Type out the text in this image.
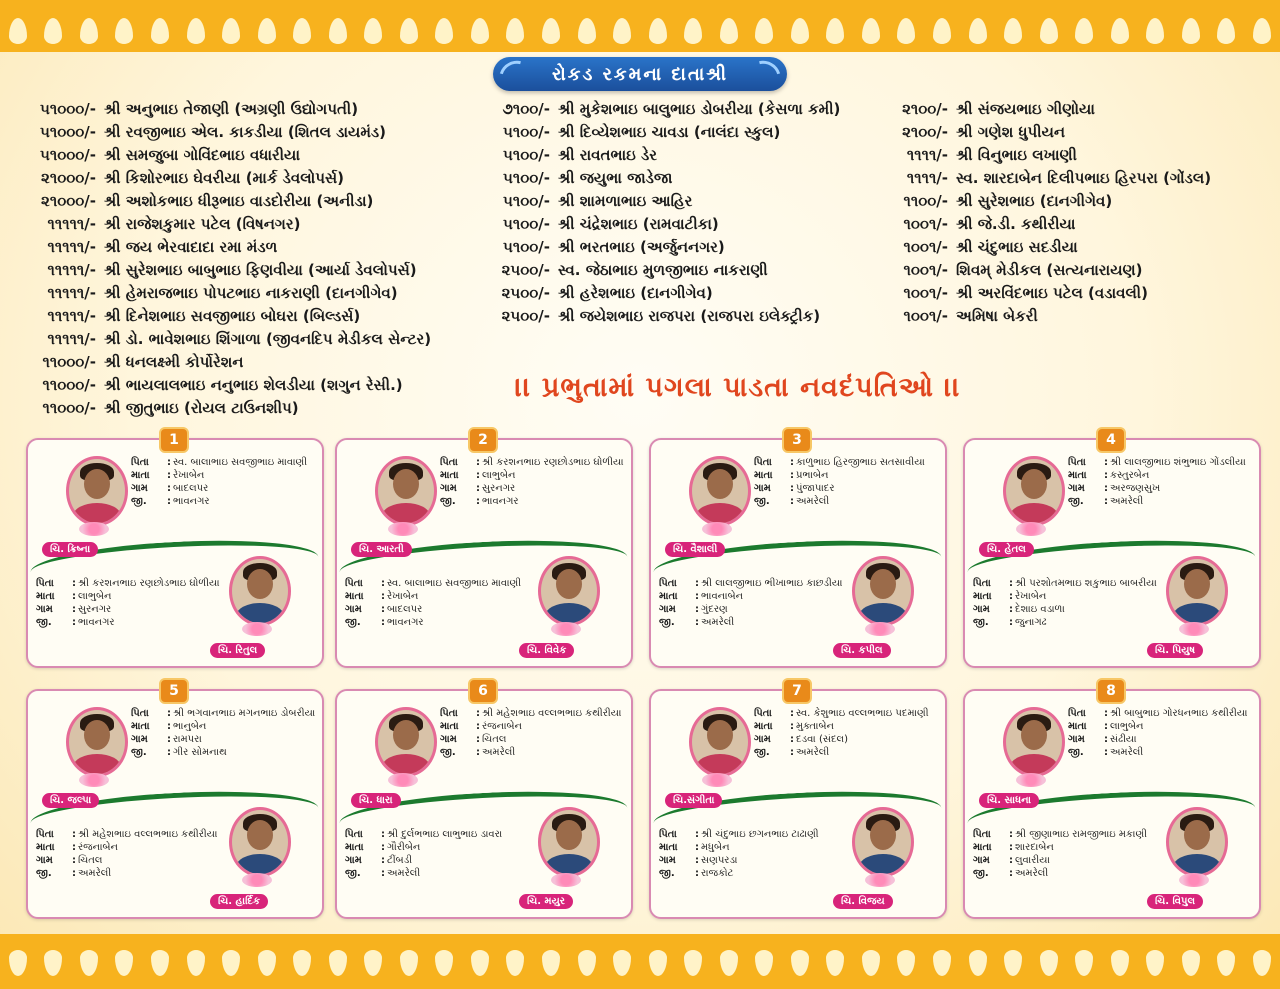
રોકડ રકમના દાતાશ્રી
૫૧૦૦૦/- શ્રી અનુભાઇ તેજાણી (અગ્રણી ઉદ્યોગપતી)
૫૧૦૦૦/- શ્રી રવજીભાઇ એલ. કાકડીયા (શિતલ ડાયમંડ)
૫૧૦૦૦/- શ્રી સમજુબા ગોવિંદભાઇ વધારીયા
૨૧૦૦૦/- શ્રી કિશોરભાઇ ઘેવરીયા (માર્ક ડેવલોપર્સ)
૨૧૦૦૦/- શ્રી અશોકભાઇ ધીરૂભાઇ વાડદોરીયા (અનીડા)
૧૧૧૧૧/- શ્રી રાજેશકુમાર પટેલ (વિષનગર)
૧૧૧૧૧/- શ્રી જય ભેરવાદાદા રમા મંડળ
૧૧૧૧૧/- શ્રી સુરેશભાઇ બાબુભાઇ ફિણવીયા (આર્યા ડેવલોપર્સ)
૧૧૧૧૧/- શ્રી હેમરાજભાઇ પોપટભાઇ નાકરાણી (દાનગીગેવ)
૧૧૧૧૧/- શ્રી દિનેશભાઇ સવજીભાઇ બોઘરા (બિલ્ડર્સ)
૧૧૧૧૧/- શ્રી ડો. ભાવેશભાઇ શિંગાળા (જીવનદિપ મેડીકલ સેન્ટર)
૧૧૦૦૦/- શ્રી ધનલક્ષ્મી કોર્પોરેશન
૧૧૦૦૦/- શ્રી ભાયલાલભાઇ નનુભાઇ શેલડીયા (શગુન રેસી.)
૧૧૦૦૦/- શ્રી જીતુભાઇ (રોયલ ટાઉનશીપ)
૭૧૦૦/- શ્રી મુકેશભાઇ બાલુભાઇ ડોબરીયા (કેસળા કમી)
૫૧૦૦/- શ્રી દિવ્યેશભાઇ ચાવડા (નાલંદા સ્કુલ)
૫૧૦૦/- શ્રી રાવતભાઇ ડેર
૫૧૦૦/- શ્રી જયુભા જાડેજા
૫૧૦૦/- શ્રી શામળાભાઇ આહિર
૫૧૦૦/- શ્રી ચંદ્રેશભાઇ (રામવાટીકા)
૫૧૦૦/- શ્રી ભરતભાઇ (અર્જુનનગર)
૨૫૦૦/- સ્વ. જેઠાભાઇ મુળજીભાઇ નાકરાણી
૨૫૦૦/- શ્રી હરેશભાઇ (દાનગીગેવ)
૨૫૦૦/- શ્રી જયેશભાઇ રાજપરા (રાજપરા ઇલેક્ટ્રીક)
૨૧૦૦/- શ્રી સંજયભાઇ ગીણોયા
૨૧૦૦/- શ્રી ગણેશ ધુપીયન
૧૧૧૧/- શ્રી વિનુભાઇ લખાણી
૧૧૧૧/- સ્વ. શારદાબેન દિલીપભાઇ હિરપરા (ગોંડલ)
૧૧૦૦/- શ્રી સુરેશભાઇ (દાનગીગેવ)
૧૦૦૧/- શ્રી જે.ડી. કથીરીયા
૧૦૦૧/- શ્રી ચંદુભાઇ સદડીયા
૧૦૦૧/- શિવમ્ મેડીકલ (સત્યનારાયણ)
૧૦૦૧/- શ્રી અરવિંદભાઇ પટેલ (વડાવલી)
૧૦૦૧/- અમિષા બેકરી
।। પ્રભુતામાં પગલા પાડતા નવદંપતિઓ ।।
1
પિતા	: સ્વ. બાલાભાઇ સવજીભાઇ માવાણી
માતા	: રેખાબેન
ગામ	: બાદલપર
જી.	: ભાવનગર
ચિ. ક્રિષ્ના
પિતા	: શ્રી કરશનભાઇ રણછોડભાઇ ઘોળીયા
માતા	: લાભુબેન
ગામ	: સુરનગર
જી.	: ભાવનગર
ચિ. રિતુલ
2
પિતા	: શ્રી કરશનભાઇ રણછોડભાઇ ઘોળીયા
માતા	: લાભુબેન
ગામ	: સુરનગર
જી.	: ભાવનગર
ચિ. આરતી
પિતા	: સ્વ. બાલાભાઇ સવજીભાઇ માવાણી
માતા	: રેખાબેન
ગામ	: બાદલપર
જી.	: ભાવનગર
ચિ. વિવેક
3
પિતા	: કાળુભાઇ હિરજીભાઇ સતસાવીયા
માતા	: પ્રભાબેન
ગામ	: પુંજાપાદર
જી.	: અમરેલી
ચિ. વૈશાલી
પિતા	: શ્રી લાલજીભાઇ ભીખાભાઇ કાછડીયા
માતા	: ભાવનાબેન
ગામ	: ગુંદરણ
જી.	: અમરેલી
ચિ. કપીલ
4
પિતા	: શ્રી લાલજીભાઇ શંભુભાઇ ગોંડલીયા
માતા	: કસ્તુરબેન
ગામ	: અરજણસુખ
જી.	: અમરેલી
ચિ. હેતલ
પિતા	: શ્રી પરશોતમભાઇ શકુભાઇ બાબરીયા
માતા	: રેખાબેન
ગામ	: દેશાઇ વડાળા
જી.	: જુનાગઢ
ચિ. પિયુષ
5
પિતા	: શ્રી ભગવાનભાઇ મગનભાઇ ડોબરીયા
માતા	: ભાનુબેન
ગામ	: રામપરા
જી.	: ગીર સોમનાથ
ચિ. જલ્પા
પિતા	: શ્રી મહેશભાઇ વલ્લભભાઇ કથીરીયા
માતા	: રંજનાબેન
ગામ	: ચિતલ
જી.	: અમરેલી
ચિ. હાર્દિક
6
પિતા	: શ્રી મહેશભાઇ વલ્લભભાઇ કથીરીયા
માતા	: રંજનાબેન
ગામ	: ચિતલ
જી.	: અમરેલી
ચિ. ધારા
પિતા	: શ્રી દુર્લભભાઇ લાભુભાઇ ડાવરા
માતા	: ગૌરીબેન
ગામ	: ટીંબડી
જી.	: અમરેલી
ચિ. મયુર
7
પિતા	: સ્વ. કેશુભાઇ વલ્લભભાઇ પદમાણી
માતા	: મુક્તાબેન
ગામ	: દડવા (સંદલ)
જી.	: અમરેલી
ચિ.સંગીતા
પિતા	: શ્રી ચંદુભાઇ છગનભાઇ ટાઢાણી
માતા	: મધુબેન
ગામ	: સણપરડા
જી.	: રાજકોટ
ચિ. વિજય
8
પિતા	: શ્રી બાબુભાઇ ગોરધનભાઇ કથીરીયા
માતા	: લાભુબેન
ગામ	: સંઢીયા
જી.	: અમરેલી
ચિ. સાધના
પિતા	: શ્રી જીણાભાઇ રામજીભાઇ મકાણી
માતા	: શારદાબેન
ગામ	: લુવારીયા
જી.	: અમરેલી
ચિ. વિપુલ
